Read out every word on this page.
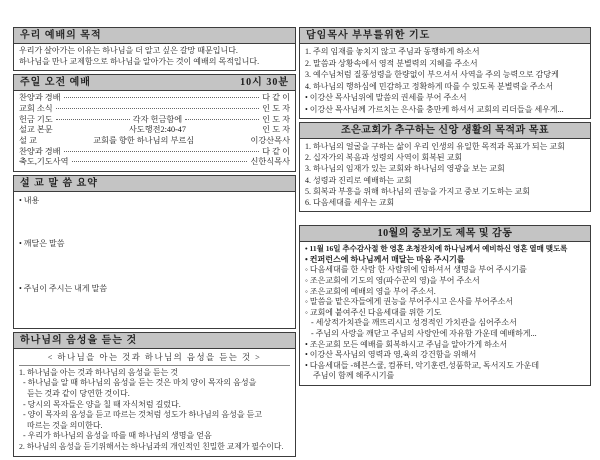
우리 예배의 목적
우리가 살아가는 이유는 하나님을 더 알고 싶은 갈망 때문입니다.
하나님을 만나 교제함으로 하나님을 알아가는 것이 예배의 목적입니다.
주일 오전 예배	10시 30분
찬양과 경배	다 같 이
교회 소식	인 도 자
헌금 기도	각자 헌금함에	인 도 자
설교 본문	사도행전2:40-47	인 도 자
설 교	교회를 향한 하나님의 부르심	이강산목사
찬양과 경배	다 같 이
축도,기도사역	신한식목사
설 교 말 씀 요약
• 내용
• 깨달은 말씀
• 주님이 주시는 내게 말씀
하나님의 음성을 듣는 것
< 하나님을 아는 것과 하나님의 음성을 듣는 것 >
1. 하나님을 아는 것과 하나님의 음성을 듣는 것
- 하나님을 알 때 하나님의 음성을 듣는 것은 마치 양이 목자의 음성을
듣는 것과 같이 당연한 것이다.
- 당시의 목자들은 양을 칠 때 자식처럼 길렀다.
- 양이 목자의 음성을 듣고 따르는 것처럼 성도가 하나님의 음성을 듣고
따르는 것을 의미한다.
- 우리가 하나님의 음성을 따를 때 하나님의 생명을 얻음
2. 하나님의 음성을 듣기위해서는 하나님과의 개인적인 친밀한 교제가 필수이다.
담임목사 부부를위한 기도
1. 주의 임재를 놓치지 않고 주님과 동행하게 하소서
2. 말씀과 상황속에서 영적 분별력의 지혜를 주소서
3. 예수님처럼 질풍성령을 한량없이 부으셔서 사역을 주의 능력으로 감당케
4. 하나님의 행하심에 민감하고 정확하게 따를 수 있도록 분별력을 주소서
• 이강산 목사님위에 말씀의 권세를 부어 주소서
• 이강산 목사님께 가르치는 은사를 충만케 하셔서 교회의 리더들을 세우게...
조은교회가 추구하는 신앙 생활의 목적과 목표
1. 하나님의 얼굴을 구하는 삶이 우리 인생의 유일한 목적과 목표가 되는 교회
2. 십자가의 복음과 성령의 사역이 회복된 교회
3. 하나님의 임재가 있는 교회와 하나님의 영광을 보는 교회
4. 성령과 진리로 예배하는 교회
5. 회복과 부흥을 위해 하나님의 권능을 가지고 중보 기도하는 교회
6. 다음세대를 세우는 교회
10월의 중보기도 제목 및 감동
• 11월 16일 추수감사절 한 영혼 초청잔치에 하나님께서 예비하신 영혼 열매 맺도록
• 컨퍼런스에 하나님께서 매달는 마음 주시기를
◦ 다음세대를 한 사람 한 사람위에 임하셔서 생명을 부어 주시기를
◦ 조은교회에 기도의 영(파수꾼의 영)을 부어 주소서
◦ 조은교회에 예배의 영을 부어 주소서.
◦ 말씀을 맡은자들에게 권능을 부어주시고 은사를 부어주소서
◦ 교회에 붙여주신 다음세대를 위한 기도
- 세상적가치관을 깨뜨리시고 성경적인 가치관을 심어주소서
- 주님의 사랑을 깨닫고 주님의 사랑안에 자유함 가운데 예배하게...
• 조은교회 모든 예배를 회복하시고 주님을 알아가게 하소서
• 이강산 목사님의 영력과 영,육의 강건함을 위해서
• 다음세대들 -헤븐스쿨, 컴퓨터, 악기훈련,성품학교, 독서지도 가운데
주님이 함께 해주시기를
